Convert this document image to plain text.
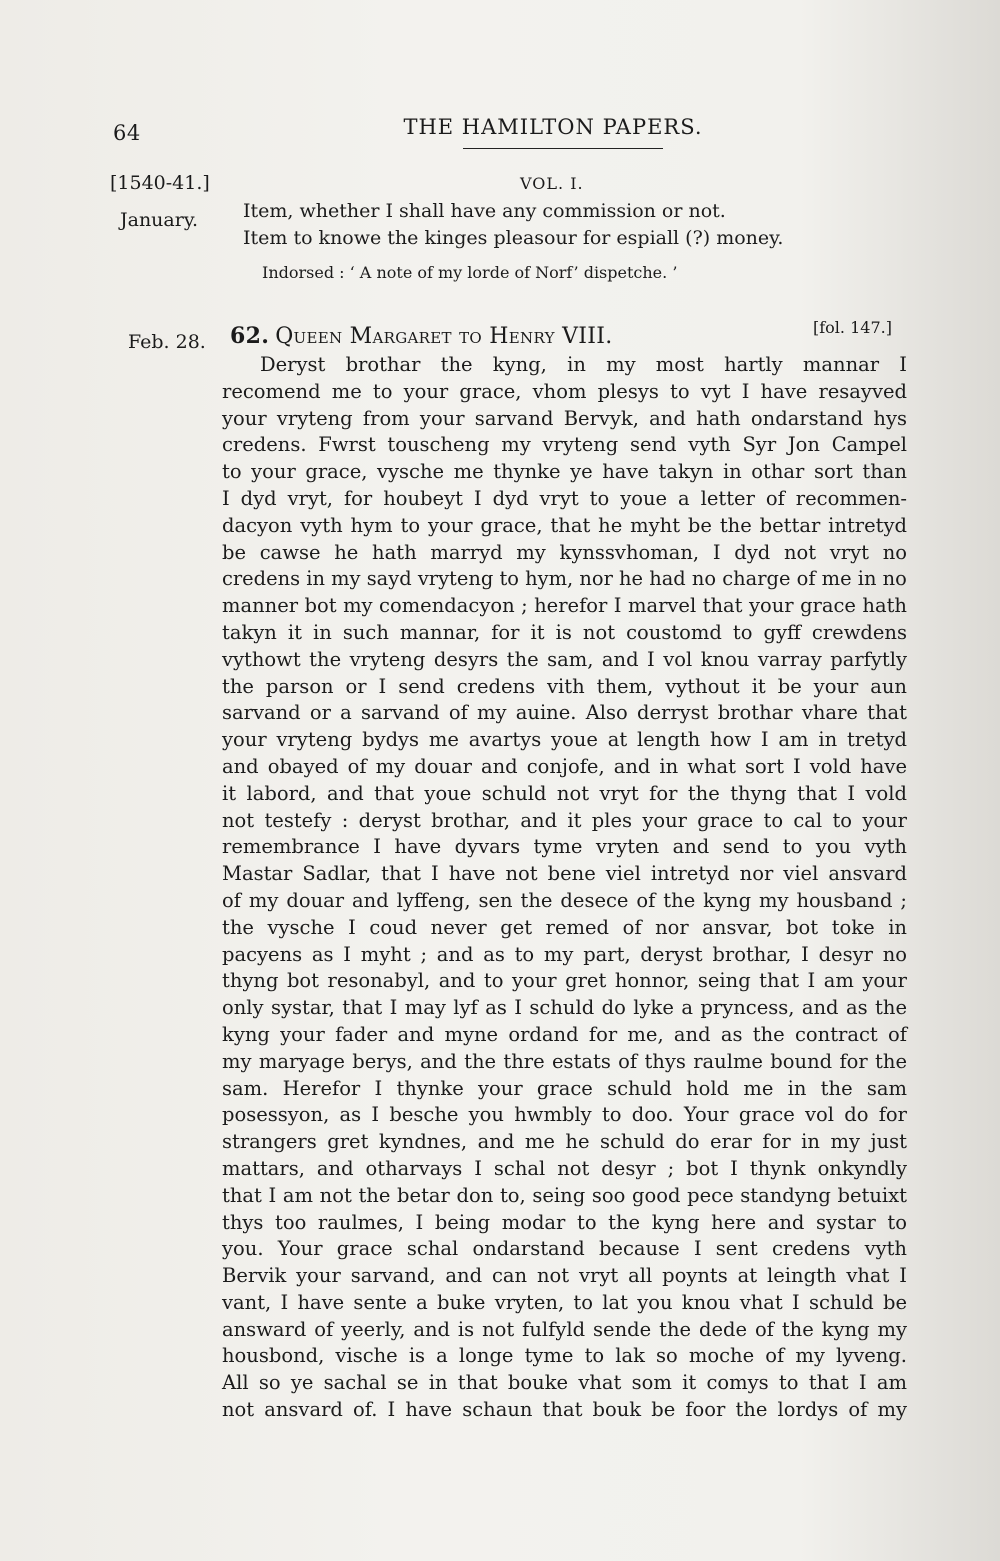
64	THE HAMILTON PAPERS.
[1540-41.]	VOL. I.
January. Item, whether I shall have any commission or not.
Item to knowe the kinges pleasour for espiall (?) money.
Indorsed : ‘ A note of my lorde of Norf’ dispetche. ’
Feb. 28. 62. Queen Margaret to Henry VIII.	[fol. 147.]
Deryst brothar the kyng, in my most hartly mannar I
recomend me to your grace, vhom plesys to vyt I have resayved
your vryteng from your sarvand Bervyk, and hath ondarstand hys
credens. Fwrst touscheng my vryteng send vyth Syr Jon Campel
to your grace, vysche me thynke ye have takyn in othar sort than
I dyd vryt, for houbeyt I dyd vryt to youe a letter of recommen-
dacyon vyth hym to your grace, that he myht be the bettar intretyd
be cawse he hath marryd my kynssvhoman, I dyd not vryt no
credens in my sayd vryteng to hym, nor he had no charge of me in no
manner bot my comendacyon ; herefor I marvel that your grace hath
takyn it in such mannar, for it is not coustomd to gyff crewdens
vythowt the vryteng desyrs the sam, and I vol knou varray parfytly
the parson or I send credens vith them, vythout it be your aun
sarvand or a sarvand of my auine. Also derryst brothar vhare that
your vryteng bydys me avartys youe at length how I am in tretyd
and obayed of my douar and conjofe, and in what sort I vold have
it labord, and that youe schuld not vryt for the thyng that I vold
not testefy : deryst brothar, and it ples your grace to cal to your
remembrance I have dyvars tyme vryten and send to you vyth
Mastar Sadlar, that I have not bene viel intretyd nor viel ansvard
of my douar and lyffeng, sen the desece of the kyng my housband ;
the vysche I coud never get remed of nor ansvar, bot toke in
pacyens as I myht ; and as to my part, deryst brothar, I desyr no
thyng bot resonabyl, and to your gret honnor, seing that I am your
only systar, that I may lyf as I schuld do lyke a pryncess, and as the
kyng your fader and myne ordand for me, and as the contract of
my maryage berys, and the thre estats of thys raulme bound for the
sam. Herefor I thynke your grace schuld hold me in the sam
posessyon, as I besche you hwmbly to doo. Your grace vol do for
strangers gret kyndnes, and me he schuld do erar for in my just
mattars, and otharvays I schal not desyr ; bot I thynk onkyndly
that I am not the betar don to, seing soo good pece standyng betuixt
thys too raulmes, I being modar to the kyng here and systar to
you. Your grace schal ondarstand because I sent credens vyth
Bervik your sarvand, and can not vryt all poynts at leingth vhat I
vant, I have sente a buke vryten, to lat you knou vhat I schuld be
answard of yeerly, and is not fulfyld sende the dede of the kyng my
housbond, vische is a longe tyme to lak so moche of my lyveng.
All so ye sachal se in that bouke vhat som it comys to that I am
not ansvard of. I have schaun that bouk be foor the lordys of my
